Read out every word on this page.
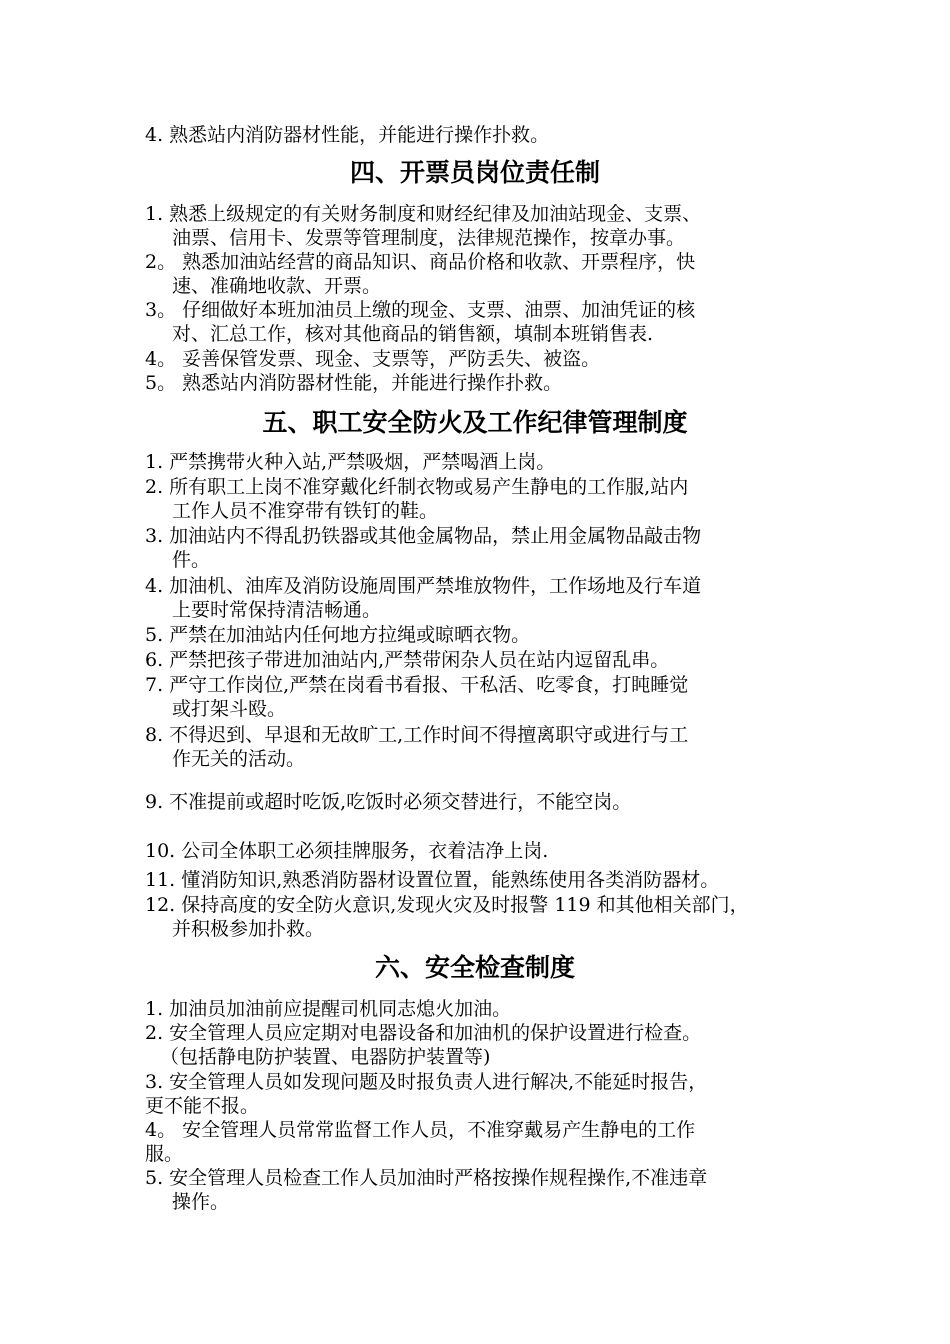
4. 熟悉站内消防器材性能，并能进行操作扑救。
四、开票员岗位责任制
1. 熟悉上级规定的有关财务制度和财经纪律及加油站现金、支票、
油票、信用卡、发票等管理制度，法律规范操作，按章办事。
2。 熟悉加油站经营的商品知识、商品价格和收款、开票程序，快
速、准确地收款、开票。
3。 仔细做好本班加油员上缴的现金、支票、油票、加油凭证的核
对、汇总工作，核对其他商品的销售额，填制本班销售表.
4。 妥善保管发票、现金、支票等，严防丢失、被盗。
5。 熟悉站内消防器材性能，并能进行操作扑救。
五、职工安全防火及工作纪律管理制度
1. 严禁携带火种入站,严禁吸烟，严禁喝酒上岗。
2. 所有职工上岗不准穿戴化纤制衣物或易产生静电的工作服,站内
工作人员不准穿带有铁钉的鞋。
3. 加油站内不得乱扔铁器或其他金属物品，禁止用金属物品敲击物
件。
4. 加油机、油库及消防设施周围严禁堆放物件，工作场地及行车道
上要时常保持清洁畅通。
5. 严禁在加油站内任何地方拉绳或晾晒衣物。
6. 严禁把孩子带进加油站内,严禁带闲杂人员在站内逗留乱串。
7. 严守工作岗位,严禁在岗看书看报、干私活、吃零食，打盹睡觉
或打架斗殴。
8. 不得迟到、早退和无故旷工,工作时间不得擅离职守或进行与工
作无关的活动。
9. 不准提前或超时吃饭,吃饭时必须交替进行，不能空岗。
10. 公司全体职工必须挂牌服务，衣着洁净上岗.
11. 懂消防知识,熟悉消防器材设置位置，能熟练使用各类消防器材。
12. 保持高度的安全防火意识,发现火灾及时报警 119 和其他相关部门，
并积极参加扑救。
六、安全检查制度
1. 加油员加油前应提醒司机同志熄火加油。
2. 安全管理人员应定期对电器设备和加油机的保护设置进行检查。
（包括静电防护装置、电器防护装置等)
3. 安全管理人员如发现问题及时报负责人进行解决,不能延时报告，
更不能不报。
4。 安全管理人员常常监督工作人员，不准穿戴易产生静电的工作
服。
5. 安全管理人员检查工作人员加油时严格按操作规程操作,不准违章
操作。
